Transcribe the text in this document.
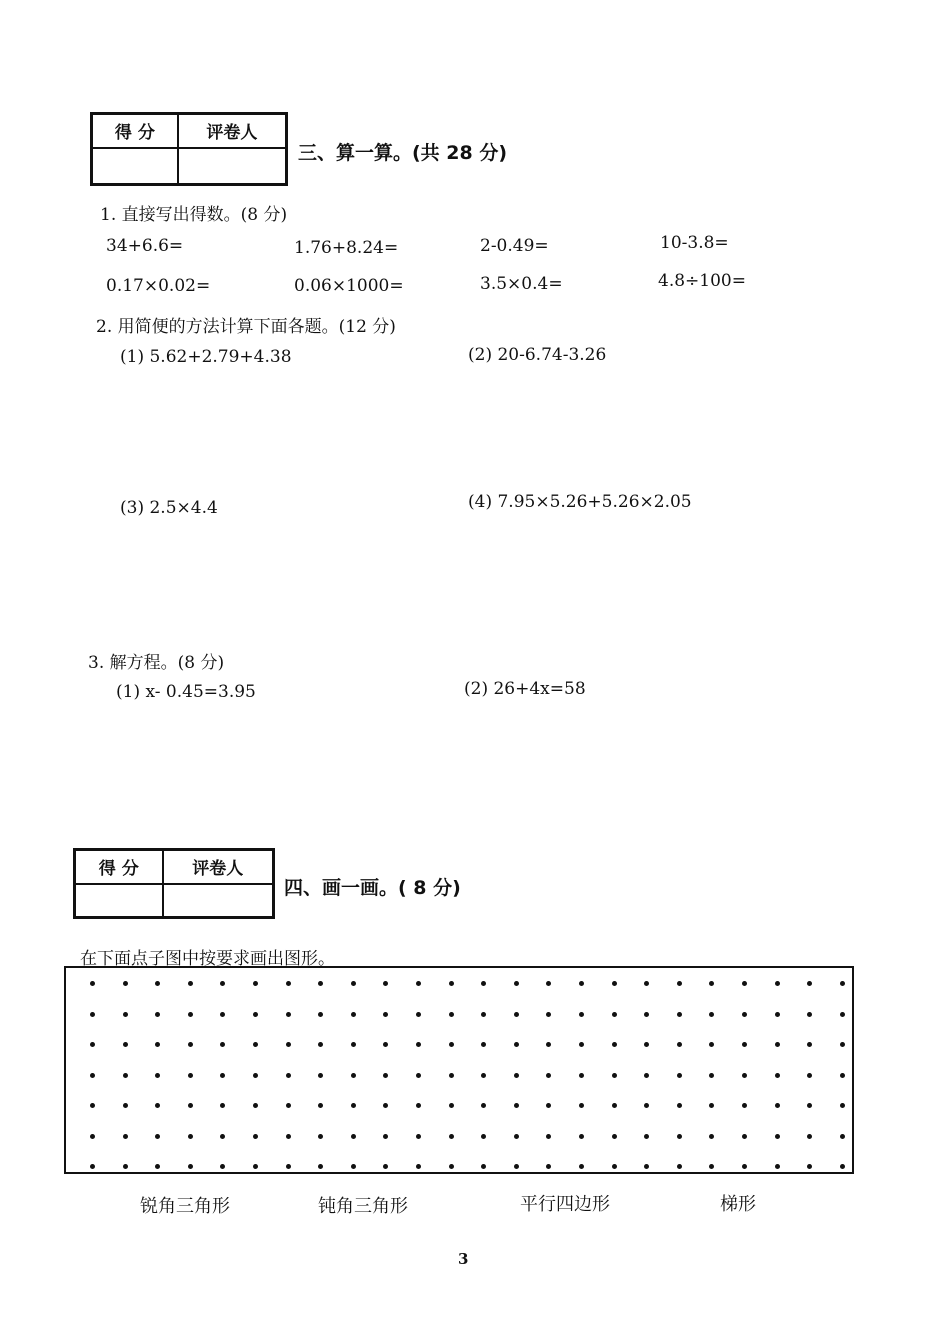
得 分	评卷人

三、算一算。(共 28 分)
1. 直接写出得数。(8 分)
34+6.6=	1.76+8.24=	2-0.49=	10-3.8=
0.17×0.02=	0.06×1000=	3.5×0.4=	4.8÷100=
2. 用简便的方法计算下面各题。(12 分)
(1) 5.62+2.79+4.38	(2) 20-6.74-3.26
(3) 2.5×4.4	(4) 7.95×5.26+5.26×2.05
3. 解方程。(8 分)
(1) x- 0.45=3.95	(2) 26+4x=58
得 分	评卷人

四、画一画。( 8 分)
在下面点子图中按要求画出图形。
锐角三角形	钝角三角形	平行四边形	梯形
3
